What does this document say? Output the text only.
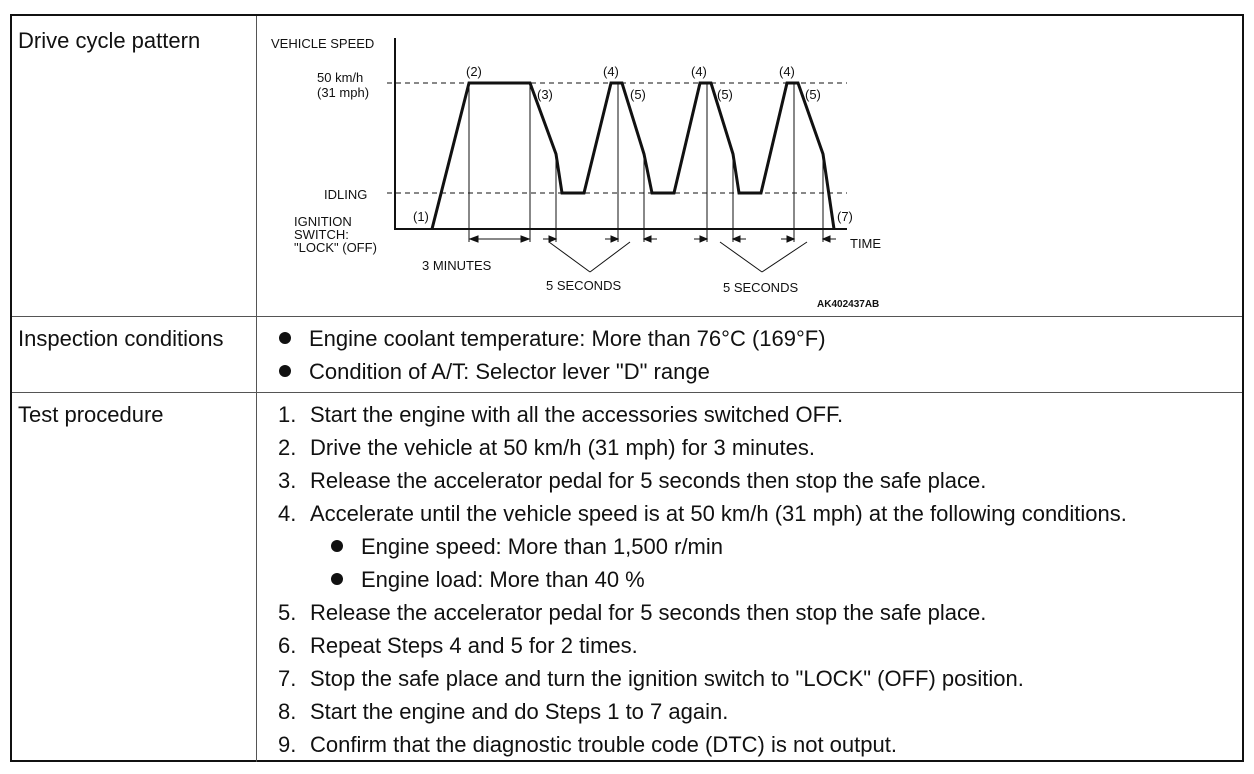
Drive cycle pattern	VEHICLE SPEED
50 km/h
(31 mph)
IDLING
IGNITION
SWITCH:
"LOCK" (OFF)	TIME
3 MINUTES
5 SECONDS	5 SECONDS
AK402437AB
(1)
(2)
(3)
(4)
(5)
(4)
(5)
(4)
(5)
(7)
Inspection conditions	Engine coolant temperature: More than 76°C (169°F)
Condition of A/T: Selector lever "D" range
Test procedure	1. Start the engine with all the accessories switched OFF.
2. Drive the vehicle at 50 km/h (31 mph) for 3 minutes.
3. Release the accelerator pedal for 5 seconds then stop the safe place.
4. Accelerate until the vehicle speed is at 50 km/h (31 mph) at the following conditions.
Engine speed: More than 1,500 r/min
Engine load: More than 40 %
5. Release the accelerator pedal for 5 seconds then stop the safe place.
6. Repeat Steps 4 and 5 for 2 times.
7. Stop the safe place and turn the ignition switch to "LOCK" (OFF) position.
8. Start the engine and do Steps 1 to 7 again.
9. Confirm that the diagnostic trouble code (DTC) is not output.
